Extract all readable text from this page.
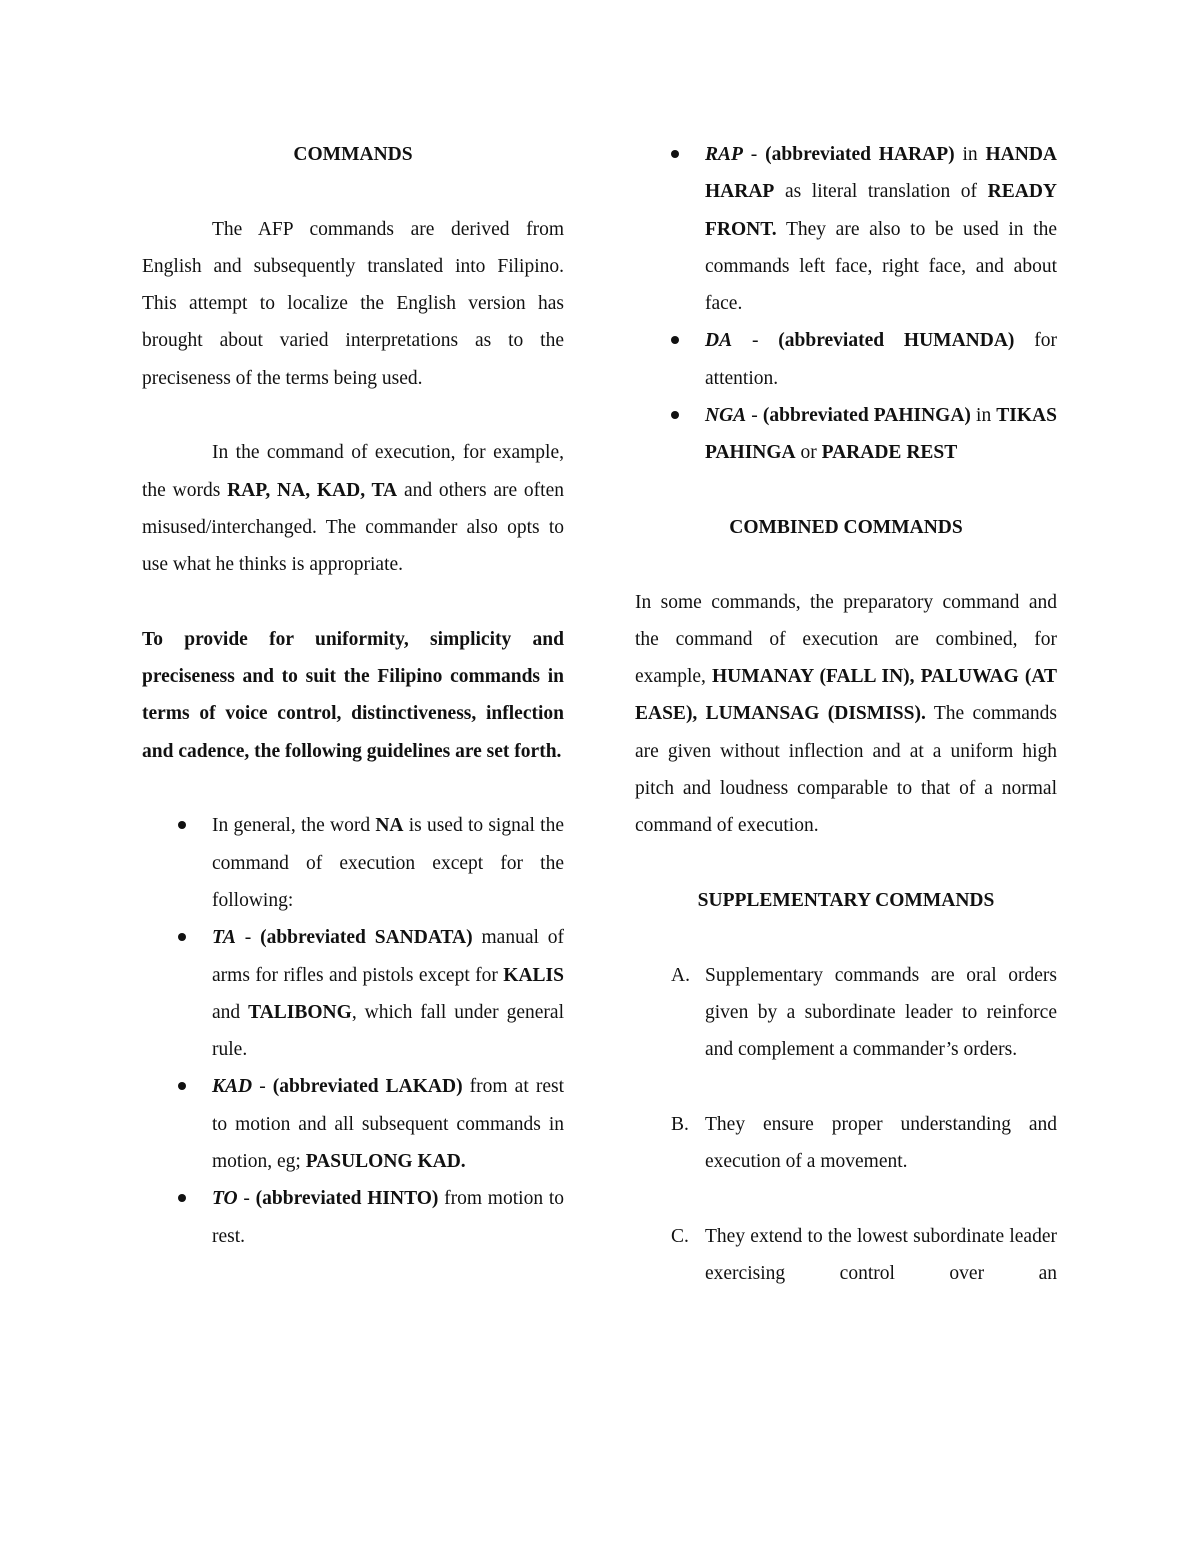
COMMANDS
The AFP commands are derived from English and subsequently translated into Filipino. This attempt to localize the English version has brought about varied interpretations as to the preciseness of the terms being used.
In the command of execution, for example, the words RAP, NA, KAD, TA and others are often misused/interchanged. The commander also opts to use what he thinks is appropriate.
To provide for uniformity, simplicity and preciseness and to suit the Filipino commands in terms of voice control, distinctiveness, inflection and cadence, the following guidelines are set forth.
In general, the word NA is used to signal the command of execution except for the following:
TA - (abbreviated SANDATA) manual of arms for rifles and pistols except for KALIS and TALIBONG, which fall under general rule.
KAD - (abbreviated LAKAD) from at rest to motion and all subsequent commands in motion, eg; PASULONG KAD.
TO - (abbreviated HINTO) from motion to rest.
RAP - (abbreviated HARAP) in HANDA HARAP as literal translation of READY FRONT. They are also to be used in the commands left face, right face, and about face.
DA - (abbreviated HUMANDA) for attention.
NGA - (abbreviated PAHINGA) in TIKAS PAHINGA or PARADE REST
COMBINED COMMANDS
In some commands, the preparatory command and the command of execution are combined, for example, HUMANAY (FALL IN), PALUWAG (AT EASE), LUMANSAG (DISMISS). The commands are given without inflection and at a uniform high pitch and loudness comparable to that of a normal command of execution.
SUPPLEMENTARY COMMANDS
A. Supplementary commands are oral orders given by a subordinate leader to reinforce and complement a commander’s orders.
B. They ensure proper understanding and execution of a movement.
C. They extend to the lowest subordinate leader exercising control over an
